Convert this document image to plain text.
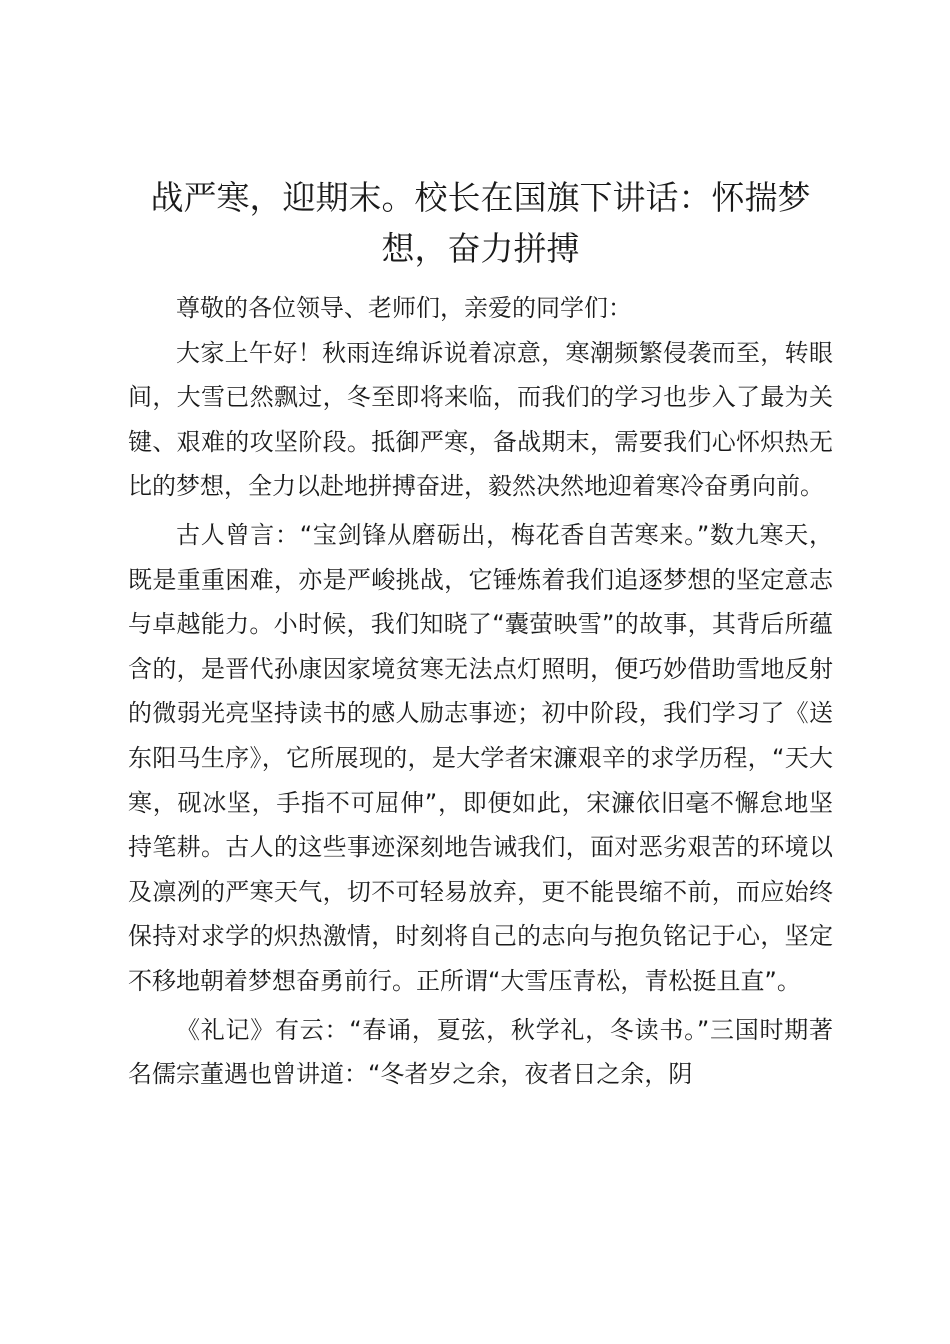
战严寒，迎期末。校长在国旗下讲话：怀揣梦想，奋力拼搏

尊敬的各位领导、老师们，亲爱的同学们：

大家上午好！秋雨连绵诉说着凉意，寒潮频繁侵袭而至，转眼间，大雪已然飘过，冬至即将来临，而我们的学习也步入了最为关键、艰难的攻坚阶段。抵御严寒，备战期末，需要我们心怀炽热无比的梦想，全力以赴地拼搏奋进，毅然决然地迎着寒冷奋勇向前。

古人曾言：“宝剑锋从磨砺出，梅花香自苦寒来。”数九寒天，既是重重困难，亦是严峻挑战，它锤炼着我们追逐梦想的坚定意志与卓越能力。小时候，我们知晓了“囊萤映雪”的故事，其背后所蕴含的，是晋代孙康因家境贫寒无法点灯照明，便巧妙借助雪地反射的微弱光亮坚持读书的感人励志事迹；初中阶段，我们学习了《送东阳马生序》，它所展现的，是大学者宋濂艰辛的求学历程，“天大寒，砚冰坚，手指不可屈伸”，即便如此，宋濂依旧毫不懈怠地坚持笔耕。古人的这些事迹深刻地告诫我们，面对恶劣艰苦的环境以及凛冽的严寒天气，切不可轻易放弃，更不能畏缩不前，而应始终保持对求学的炽热激情，时刻将自己的志向与抱负铭记于心，坚定不移地朝着梦想奋勇前行。正所谓“大雪压青松，青松挺且直”。

《礼记》有云：“春诵，夏弦，秋学礼，冬读书。”三国时期著名儒宗董遇也曾讲道：“冬者岁之余，夜者日之余，阴
